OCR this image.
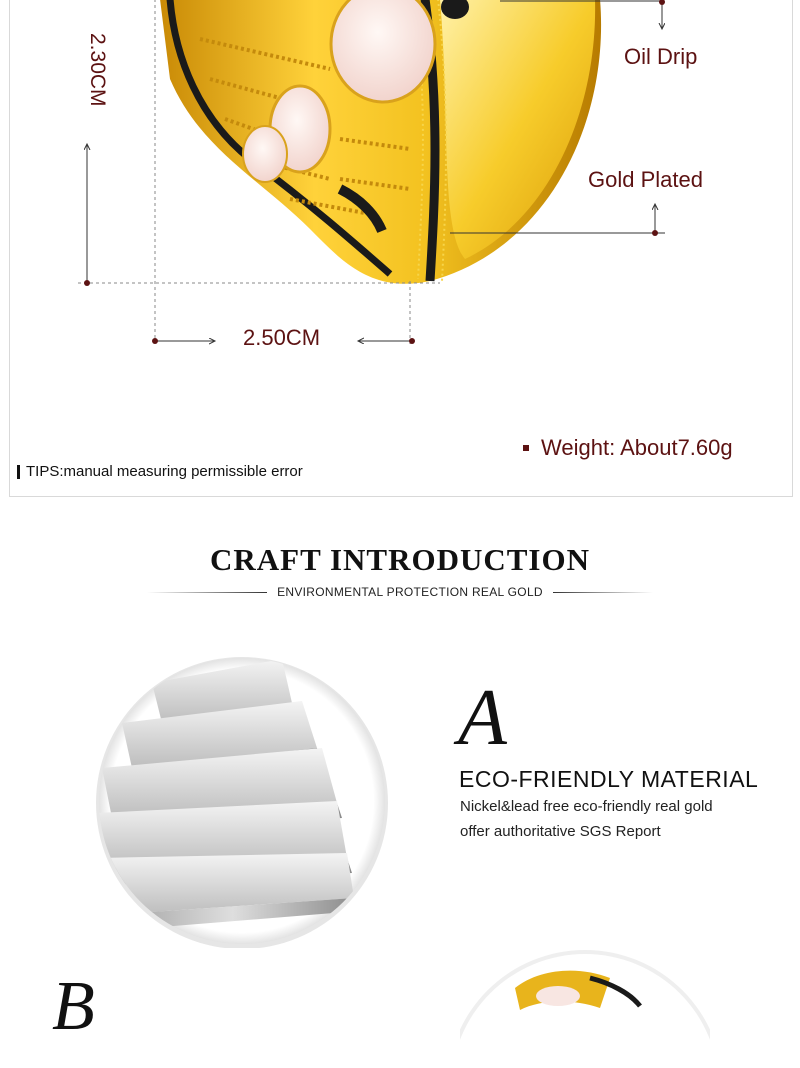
2.50CM
2.30CM	Oil Drip
Gold Plated
Weight: About7.60g
TIPS:manual measuring permissible error
CRAFT INTRODUCTION
ENVIRONMENTAL PROTECTION REAL GOLD
A
ECO-FRIENDLY MATERIAL
Nickel&lead free eco-friendly real gold
offer authoritative SGS Report
B
